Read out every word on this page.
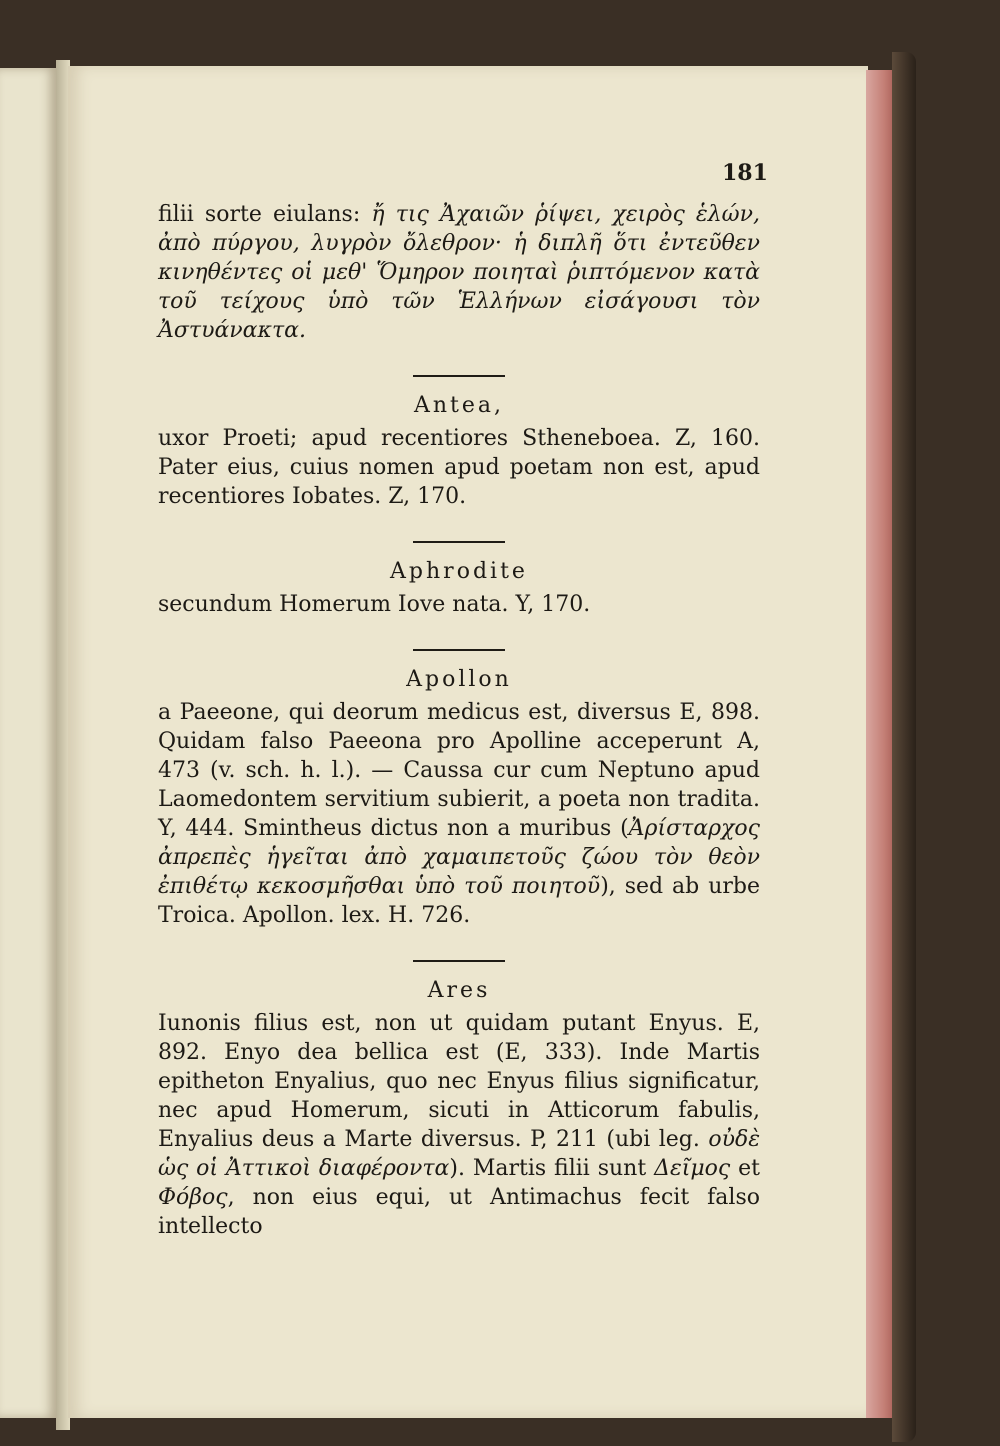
181

filii sorte eiulans: ἤ τις Ἀχαιῶν ῥίψει, χειρὸς ἑλών, ἀπὸ πύργου, λυγρὸν ὄλεθρον· ἡ διπλῆ ὅτι ἐντεῦθεν κινηθέντες οἱ μεθ' Ὅμηρον ποιηταὶ ῥιπτόμενον κατὰ τοῦ τείχους ὑπὸ τῶν Ἑλλήνων εἰσάγουσι τὸν Ἀστυάνακτα.

Antea,

uxor Proeti; apud recentiores Stheneboea. Z, 160. Pater eius, cuius nomen apud poetam non est, apud recentiores Iobates. Z, 170.

Aphrodite

secundum Homerum Iove nata. Y, 170.

Apollon

a Paeeone, qui deorum medicus est, diversus E, 898. Quidam falso Paeeona pro Apolline acceperunt Α, 473 (v. sch. h. l.). — Caussa cur cum Neptuno apud Laomedontem servitium subierit, a poeta non tradita. Y, 444. Smintheus dictus non a muribus (Ἀρίσταρχος ἀπρεπὲς ἡγεῖται ἀπὸ χαμαιπετοῦς ζώου τὸν θεὸν ἐπιθέτῳ κεκοσμῆσθαι ὑπὸ τοῦ ποιητοῦ), sed ab urbe Troica. Apollon. lex. H. 726.

Ares

Iunonis filius est, non ut quidam putant Enyus. E, 892. Enyo dea bellica est (E, 333). Inde Martis epitheton Enyalius, quo nec Enyus filius significatur, nec apud Homerum, sicuti in Atticorum fabulis, Enyalius deus a Marte diversus. P, 211 (ubi leg. οὐδὲ ὡς οἱ Ἀττικοὶ διαφέροντα). Martis filii sunt Δεῖμος et Φόβος, non eius equi, ut Antimachus fecit falso intellecto
